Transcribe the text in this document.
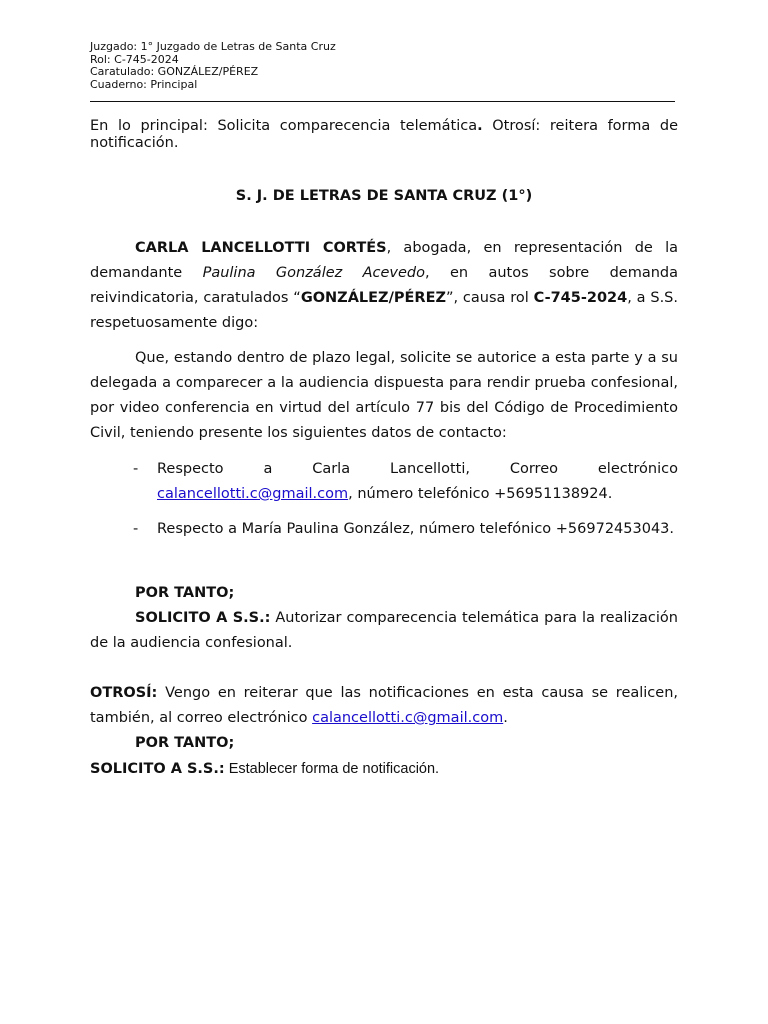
Juzgado: 1° Juzgado de Letras de Santa Cruz
Rol: C-745-2024
Caratulado: GONZÁLEZ/PÉREZ
Cuaderno: Principal
En lo principal: Solicita comparecencia telemática. Otrosí: reitera forma de notificación.
S. J. DE LETRAS DE SANTA CRUZ (1°)
CARLA LANCELLOTTI CORTÉS, abogada, en representación de la demandante Paulina González Acevedo, en autos sobre demanda reivindicatoria, caratulados “GONZÁLEZ/PÉREZ”, causa rol C-745-2024, a S.S. respetuosamente digo:
Que, estando dentro de plazo legal, solicite se autorice a esta parte y a su delegada a comparecer a la audiencia dispuesta para rendir prueba confesional, por video conferencia en virtud del artículo 77 bis del Código de Procedimiento Civil, teniendo presente los siguientes datos de contacto:
- Respecto a Carla Lancellotti, Correo electrónico calancellotti.c@gmail.com, número telefónico +56951138924.
- Respecto a María Paulina González, número telefónico +56972453043.
POR TANTO;
SOLICITO A S.S.: Autorizar comparecencia telemática para la realización de la audiencia confesional.
OTROSÍ: Vengo en reiterar que las notificaciones en esta causa se realicen, también, al correo electrónico calancellotti.c@gmail.com.
POR TANTO;
SOLICITO A S.S.: Establecer forma de notificación.
